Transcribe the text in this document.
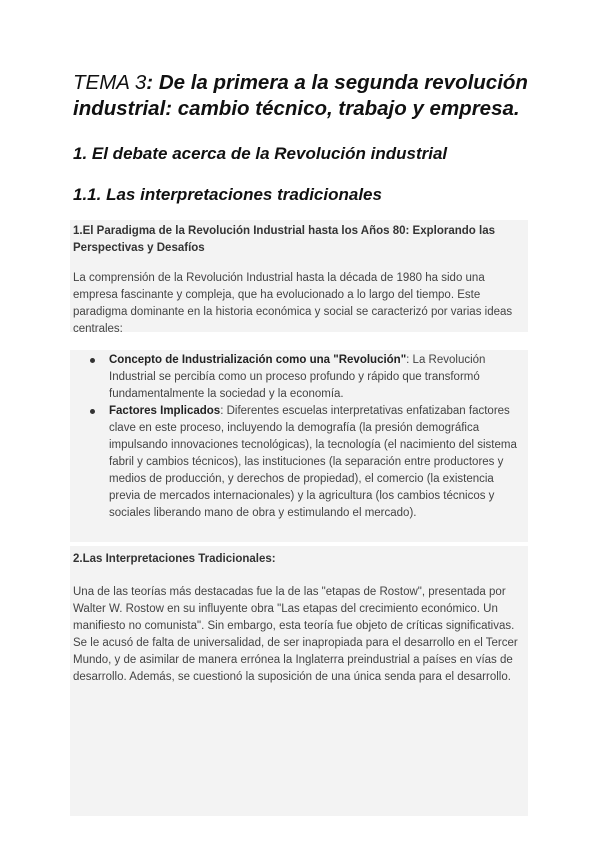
TEMA 3: De la primera a la segunda revolución industrial: cambio técnico, trabajo y empresa.
1. El debate acerca de la Revolución industrial
1.1. Las interpretaciones tradicionales

1.El Paradigma de la Revolución Industrial hasta los Años 80: Explorando las Perspectivas y Desafíos

La comprensión de la Revolución Industrial hasta la década de 1980 ha sido una empresa fascinante y compleja, que ha evolucionado a lo largo del tiempo. Este paradigma dominante en la historia económica y social se caracterizó por varias ideas centrales:

Concepto de Industrialización como una "Revolución": La Revolución Industrial se percibía como un proceso profundo y rápido que transformó fundamentalmente la sociedad y la economía.
Factores Implicados: Diferentes escuelas interpretativas enfatizaban factores clave en este proceso, incluyendo la demografía (la presión demográfica impulsando innovaciones tecnológicas), la tecnología (el nacimiento del sistema fabril y cambios técnicos), las instituciones (la separación entre productores y medios de producción, y derechos de propiedad), el comercio (la existencia previa de mercados internacionales) y la agricultura (los cambios técnicos y sociales liberando mano de obra y estimulando el mercado).

2.Las Interpretaciones Tradicionales:

Una de las teorías más destacadas fue la de las "etapas de Rostow", presentada por Walter W. Rostow en su influyente obra "Las etapas del crecimiento económico. Un manifiesto no comunista". Sin embargo, esta teoría fue objeto de críticas significativas. Se le acusó de falta de universalidad, de ser inapropiada para el desarrollo en el Tercer Mundo, y de asimilar de manera errónea la Inglaterra preindustrial a países en vías de desarrollo. Además, se cuestionó la suposición de una única senda para el desarrollo.
